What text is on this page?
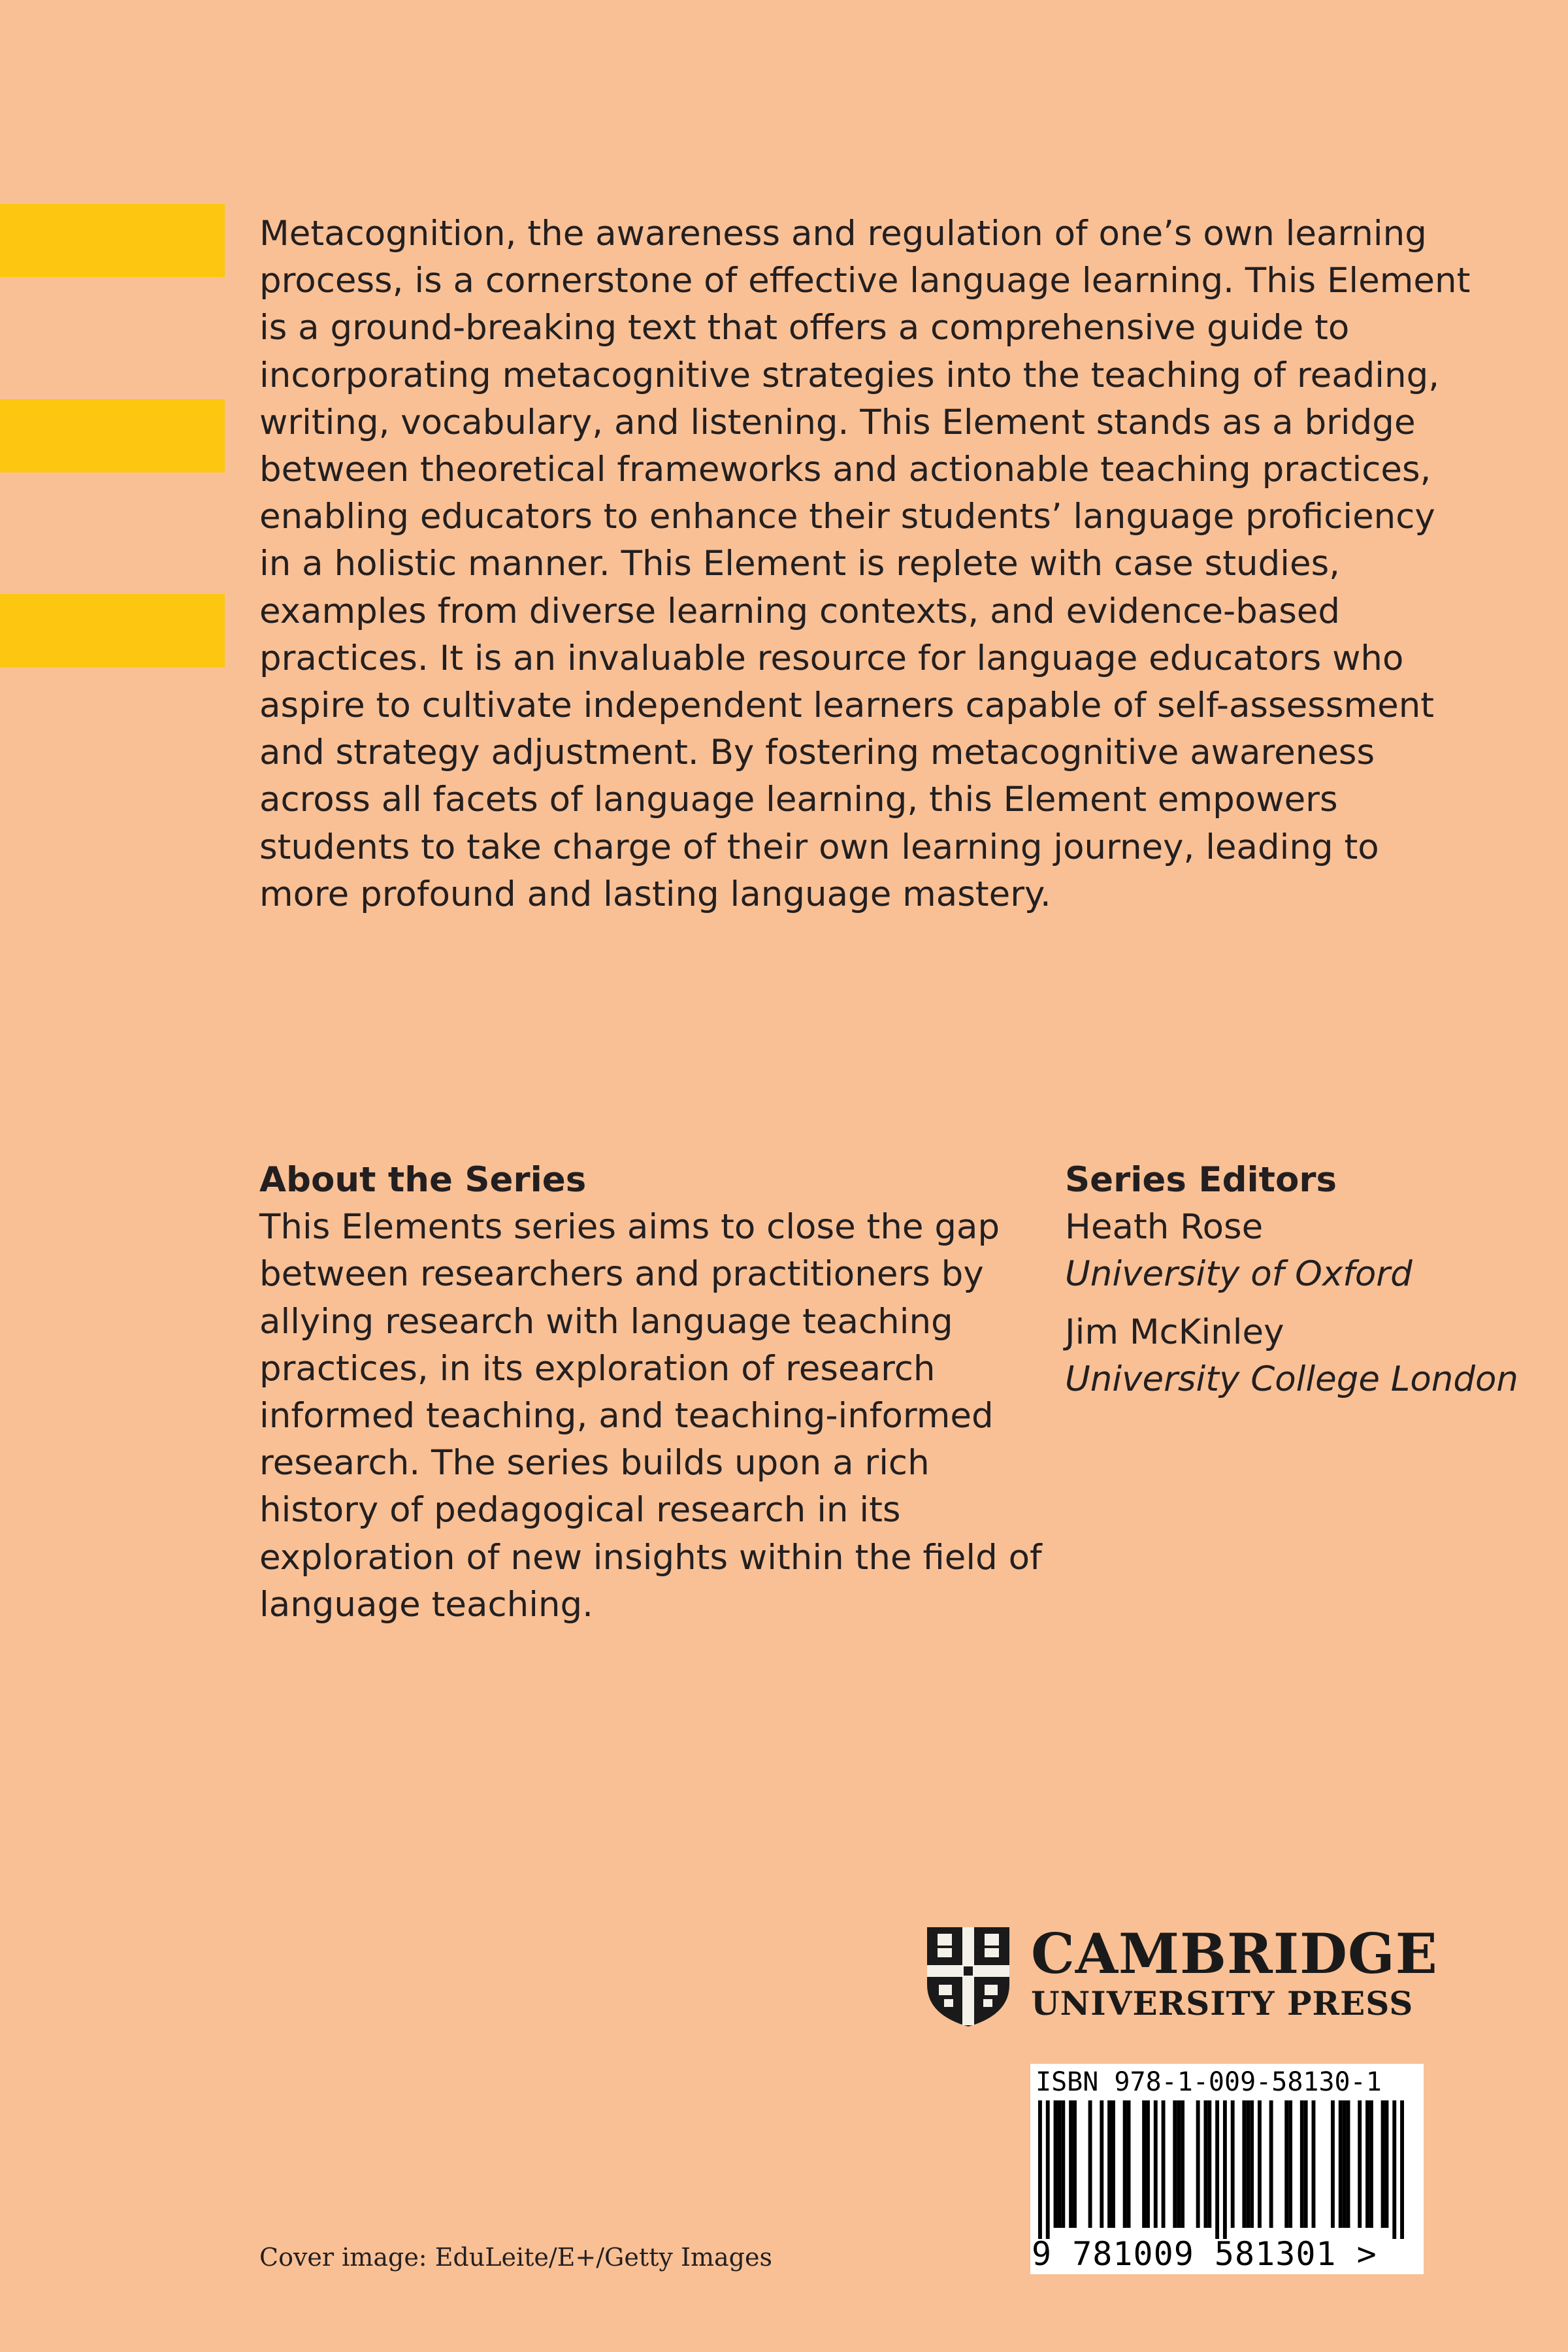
Metacognition, the awareness and regulation of one’s own learning process, is a cornerstone of effective language learning. This Element is a ground-breaking text that offers a comprehensive guide to incorporating metacognitive strategies into the teaching of reading, writing, vocabulary, and listening. This Element stands as a bridge between theoretical frameworks and actionable teaching practices, enabling educators to enhance their students’ language proficiency in a holistic manner. This Element is replete with case studies, examples from diverse learning contexts, and evidence-based practices. It is an invaluable resource for language educators who aspire to cultivate independent learners capable of self-assessment and strategy adjustment. By fostering metacognitive awareness across all facets of language learning, this Element empowers students to take charge of their own learning journey, leading to more profound and lasting language mastery.

About the Series

This Elements series aims to close the gap between researchers and practitioners by allying research with language teaching practices, in its exploration of research informed teaching, and teaching-informed research. The series builds upon a rich history of pedagogical research in its exploration of new insights within the field of language teaching.

Series Editors
Heath Rose
University of Oxford
Jim McKinley
University College London
CAMBRIDGE
UNIVERSITY PRESS
ISBN 978-1-009-58130-1
9 781009 581301 >
Cover image: EduLeite/E+/Getty Images
